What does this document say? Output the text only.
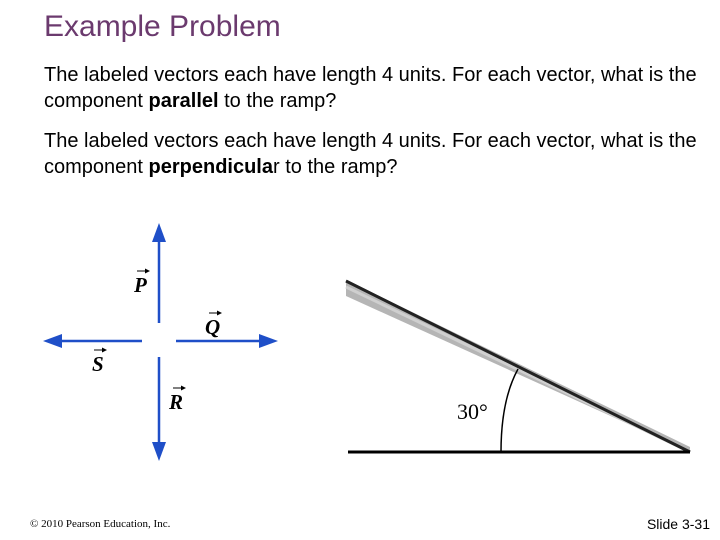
Example Problem
The labeled vectors each have length 4 units. For each vector, what is the component parallel to the ramp?
The labeled vectors each have length 4 units. For each vector, what is the component perpendicular to the ramp?
P
Q
S
R	30°
© 2010 Pearson Education, Inc.	Slide 3-31
